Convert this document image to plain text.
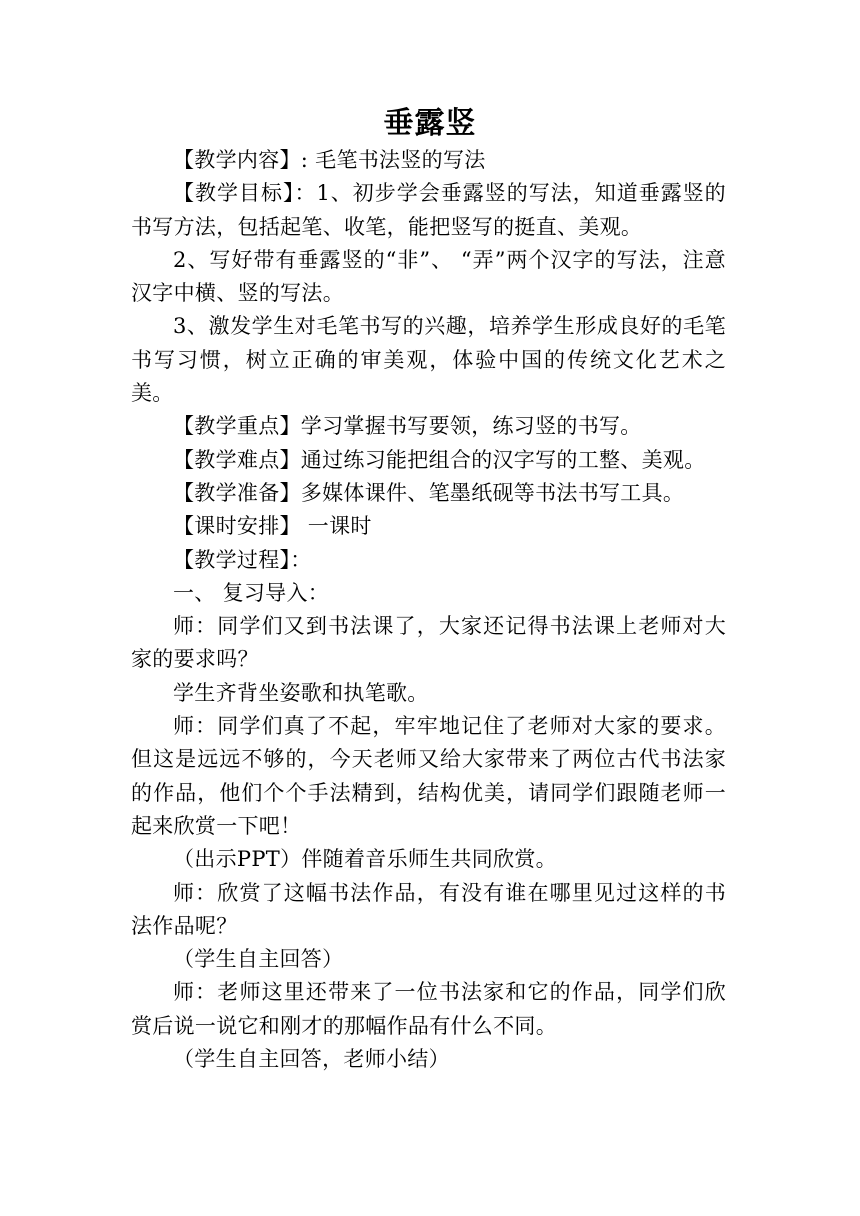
垂露竖

【教学内容】: 毛笔书法竖的写法

【教学目标】：1、初步学会垂露竖的写法，知道垂露竖的书写方法，包括起笔、收笔，能把竖写的挺直、美观。

2、写好带有垂露竖的“非”、 “弄”两个汉字的写法，注意汉字中横、竖的写法。

3、激发学生对毛笔书写的兴趣，培养学生形成良好的毛笔书写习惯，树立正确的审美观，体验中国的传统文化艺术之美。

【教学重点】学习掌握书写要领，练习竖的书写。

【教学难点】通过练习能把组合的汉字写的工整、美观。

【教学准备】多媒体课件、笔墨纸砚等书法书写工具。

【课时安排】 一课时

【教学过程】：

一、 复习导入：

师：同学们又到书法课了，大家还记得书法课上老师对大家的要求吗？

学生齐背坐姿歌和执笔歌。

师：同学们真了不起，牢牢地记住了老师对大家的要求。但这是远远不够的，今天老师又给大家带来了两位古代书法家的作品，他们个个手法精到，结构优美，请同学们跟随老师一起来欣赏一下吧！

（出示PPT）伴随着音乐师生共同欣赏。

师：欣赏了这幅书法作品，有没有谁在哪里见过这样的书法作品呢？

（学生自主回答）

师：老师这里还带来了一位书法家和它的作品，同学们欣赏后说一说它和刚才的那幅作品有什么不同。

（学生自主回答，老师小结）
